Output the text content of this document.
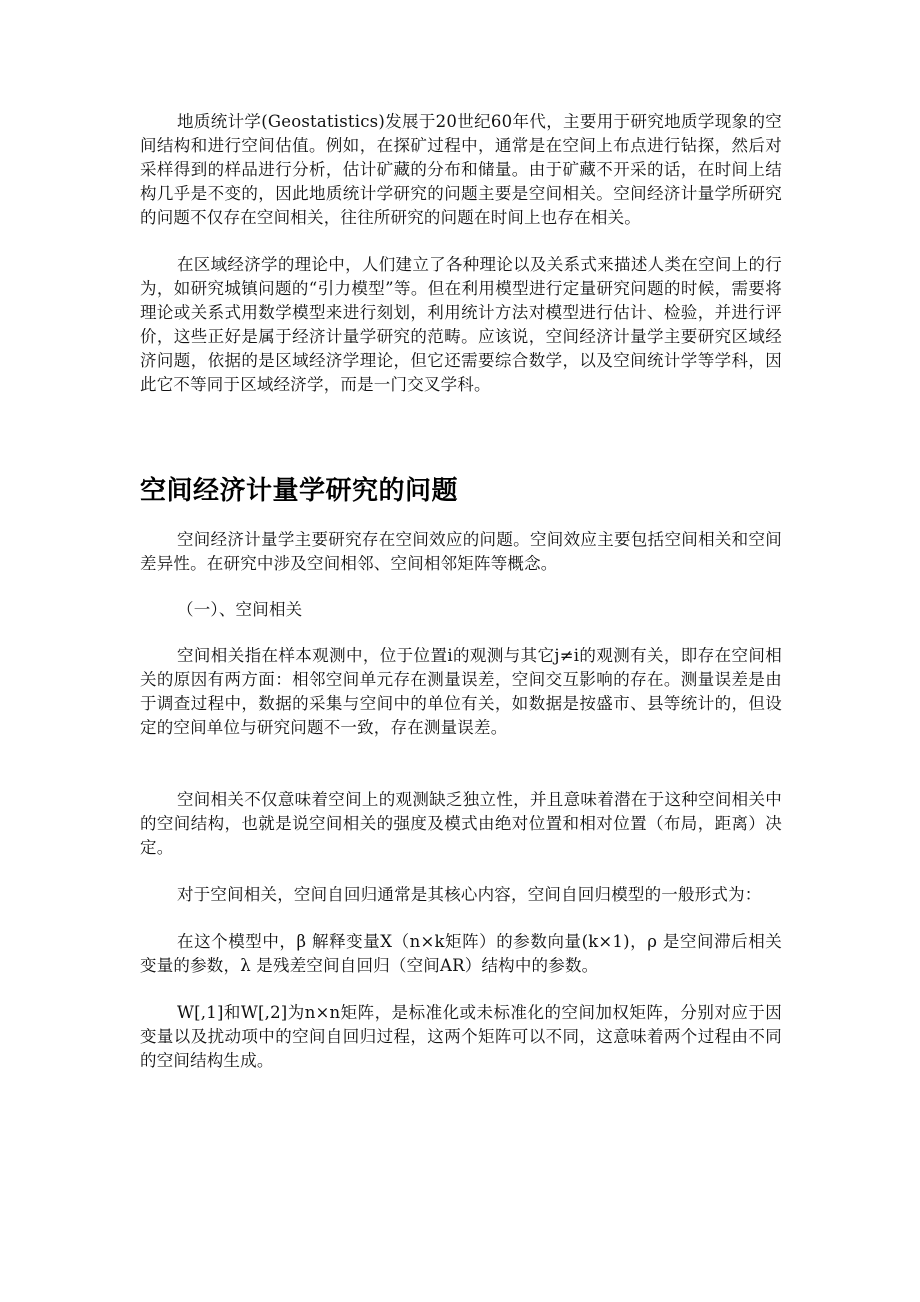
地质统计学(Geostatistics)发展于20世纪60年代，主要用于研究地质学现象的空间结构和进行空间估值。例如，在探矿过程中，通常是在空间上布点进行钻探，然后对采样得到的样品进行分析，估计矿藏的分布和储量。由于矿藏不开采的话，在时间上结构几乎是不变的，因此地质统计学研究的问题主要是空间相关。空间经济计量学所研究的问题不仅存在空间相关，往往所研究的问题在时间上也存在相关。

在区域经济学的理论中，人们建立了各种理论以及关系式来描述人类在空间上的行为，如研究城镇问题的“引力模型”等。但在利用模型进行定量研究问题的时候，需要将理论或关系式用数学模型来进行刻划，利用统计方法对模型进行估计、检验，并进行评价，这些正好是属于经济计量学研究的范畴。应该说，空间经济计量学主要研究区域经济问题，依据的是区域经济学理论，但它还需要综合数学，以及空间统计学等学科，因此它不等同于区域经济学，而是一门交叉学科。

空间经济计量学研究的问题

空间经济计量学主要研究存在空间效应的问题。空间效应主要包括空间相关和空间差异性。在研究中涉及空间相邻、空间相邻矩阵等概念。

（一）、空间相关

空间相关指在样本观测中，位于位置i的观测与其它j≠i的观测有关，即存在空间相关的原因有两方面：相邻空间单元存在测量误差，空间交互影响的存在。测量误差是由于调查过程中，数据的采集与空间中的单位有关，如数据是按盛市、县等统计的，但设定的空间单位与研究问题不一致，存在测量误差。

空间相关不仅意味着空间上的观测缺乏独立性，并且意味着潜在于这种空间相关中的空间结构，也就是说空间相关的强度及模式由绝对位置和相对位置（布局，距离）决定。

对于空间相关，空间自回归通常是其核心内容，空间自回归模型的一般形式为：

在这个模型中，β 解释变量X（n×k矩阵）的参数向量(k×1)，ρ 是空间滞后相关变量的参数，λ 是残差空间自回归（空间AR）结构中的参数。

W[,1]和W[,2]为n×n矩阵，是标准化或未标准化的空间加权矩阵，分别对应于因变量以及扰动项中的空间自回归过程，这两个矩阵可以不同，这意味着两个过程由不同的空间结构生成。
